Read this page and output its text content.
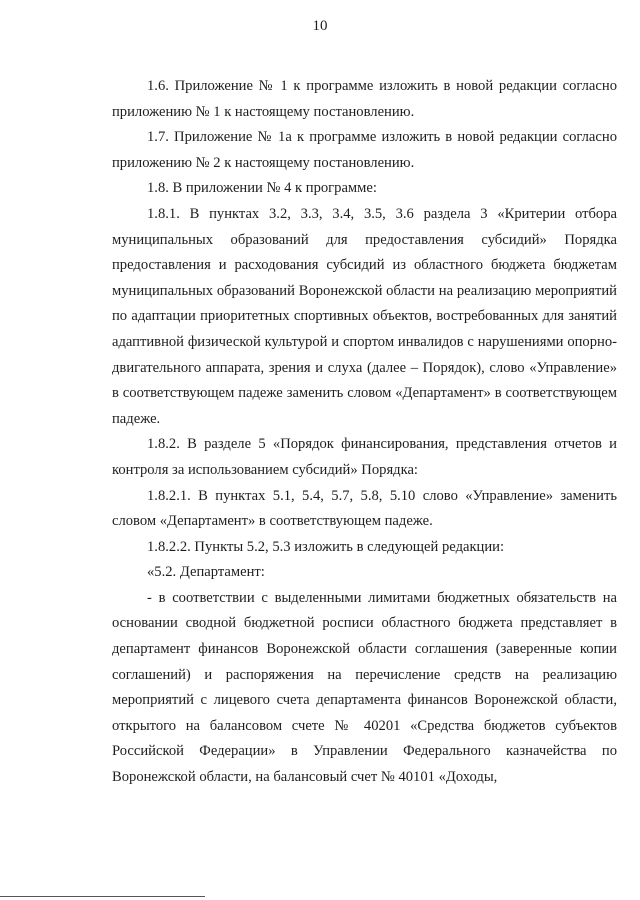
10

1.6. Приложение № 1 к программе изложить в новой редакции согласно приложению № 1 к настоящему постановлению.

1.7. Приложение № 1а к программе изложить в новой редакции согласно приложению № 2 к настоящему постановлению.

1.8. В приложении № 4 к программе:

1.8.1. В пунктах 3.2, 3.3, 3.4, 3.5, 3.6 раздела 3 «Критерии отбора муниципальных образований для предоставления субсидий» Порядка предоставления и расходования субсидий из областного бюджета бюджетам муниципальных образований Воронежской области на реализацию мероприятий по адаптации приоритетных спортивных объектов, востребованных для занятий адаптивной физической культурой и спортом инвалидов с нарушениями опорно-двигательного аппарата, зрения и слуха (далее – Порядок), слово «Управление» в соответствующем падеже заменить словом «Департамент» в соответствующем падеже.

1.8.2. В разделе 5 «Порядок финансирования, представления отчетов и контроля за использованием субсидий» Порядка:

1.8.2.1. В пунктах 5.1, 5.4, 5.7, 5.8, 5.10 слово «Управление» заменить словом «Департамент» в соответствующем падеже.

1.8.2.2. Пункты 5.2, 5.3 изложить в следующей редакции:

«5.2. Департамент:

- в соответствии с выделенными лимитами бюджетных обязательств на основании сводной бюджетной росписи областного бюджета представляет в департамент финансов Воронежской области соглашения (заверенные копии соглашений) и распоряжения на перечисление средств на реализацию мероприятий с лицевого счета департамента финансов Воронежской области, открытого на балансовом счете № 40201 «Средства бюджетов субъектов Российской Федерации» в Управлении Федерального казначейства по Воронежской области, на балансовый счет № 40101 «Доходы,
